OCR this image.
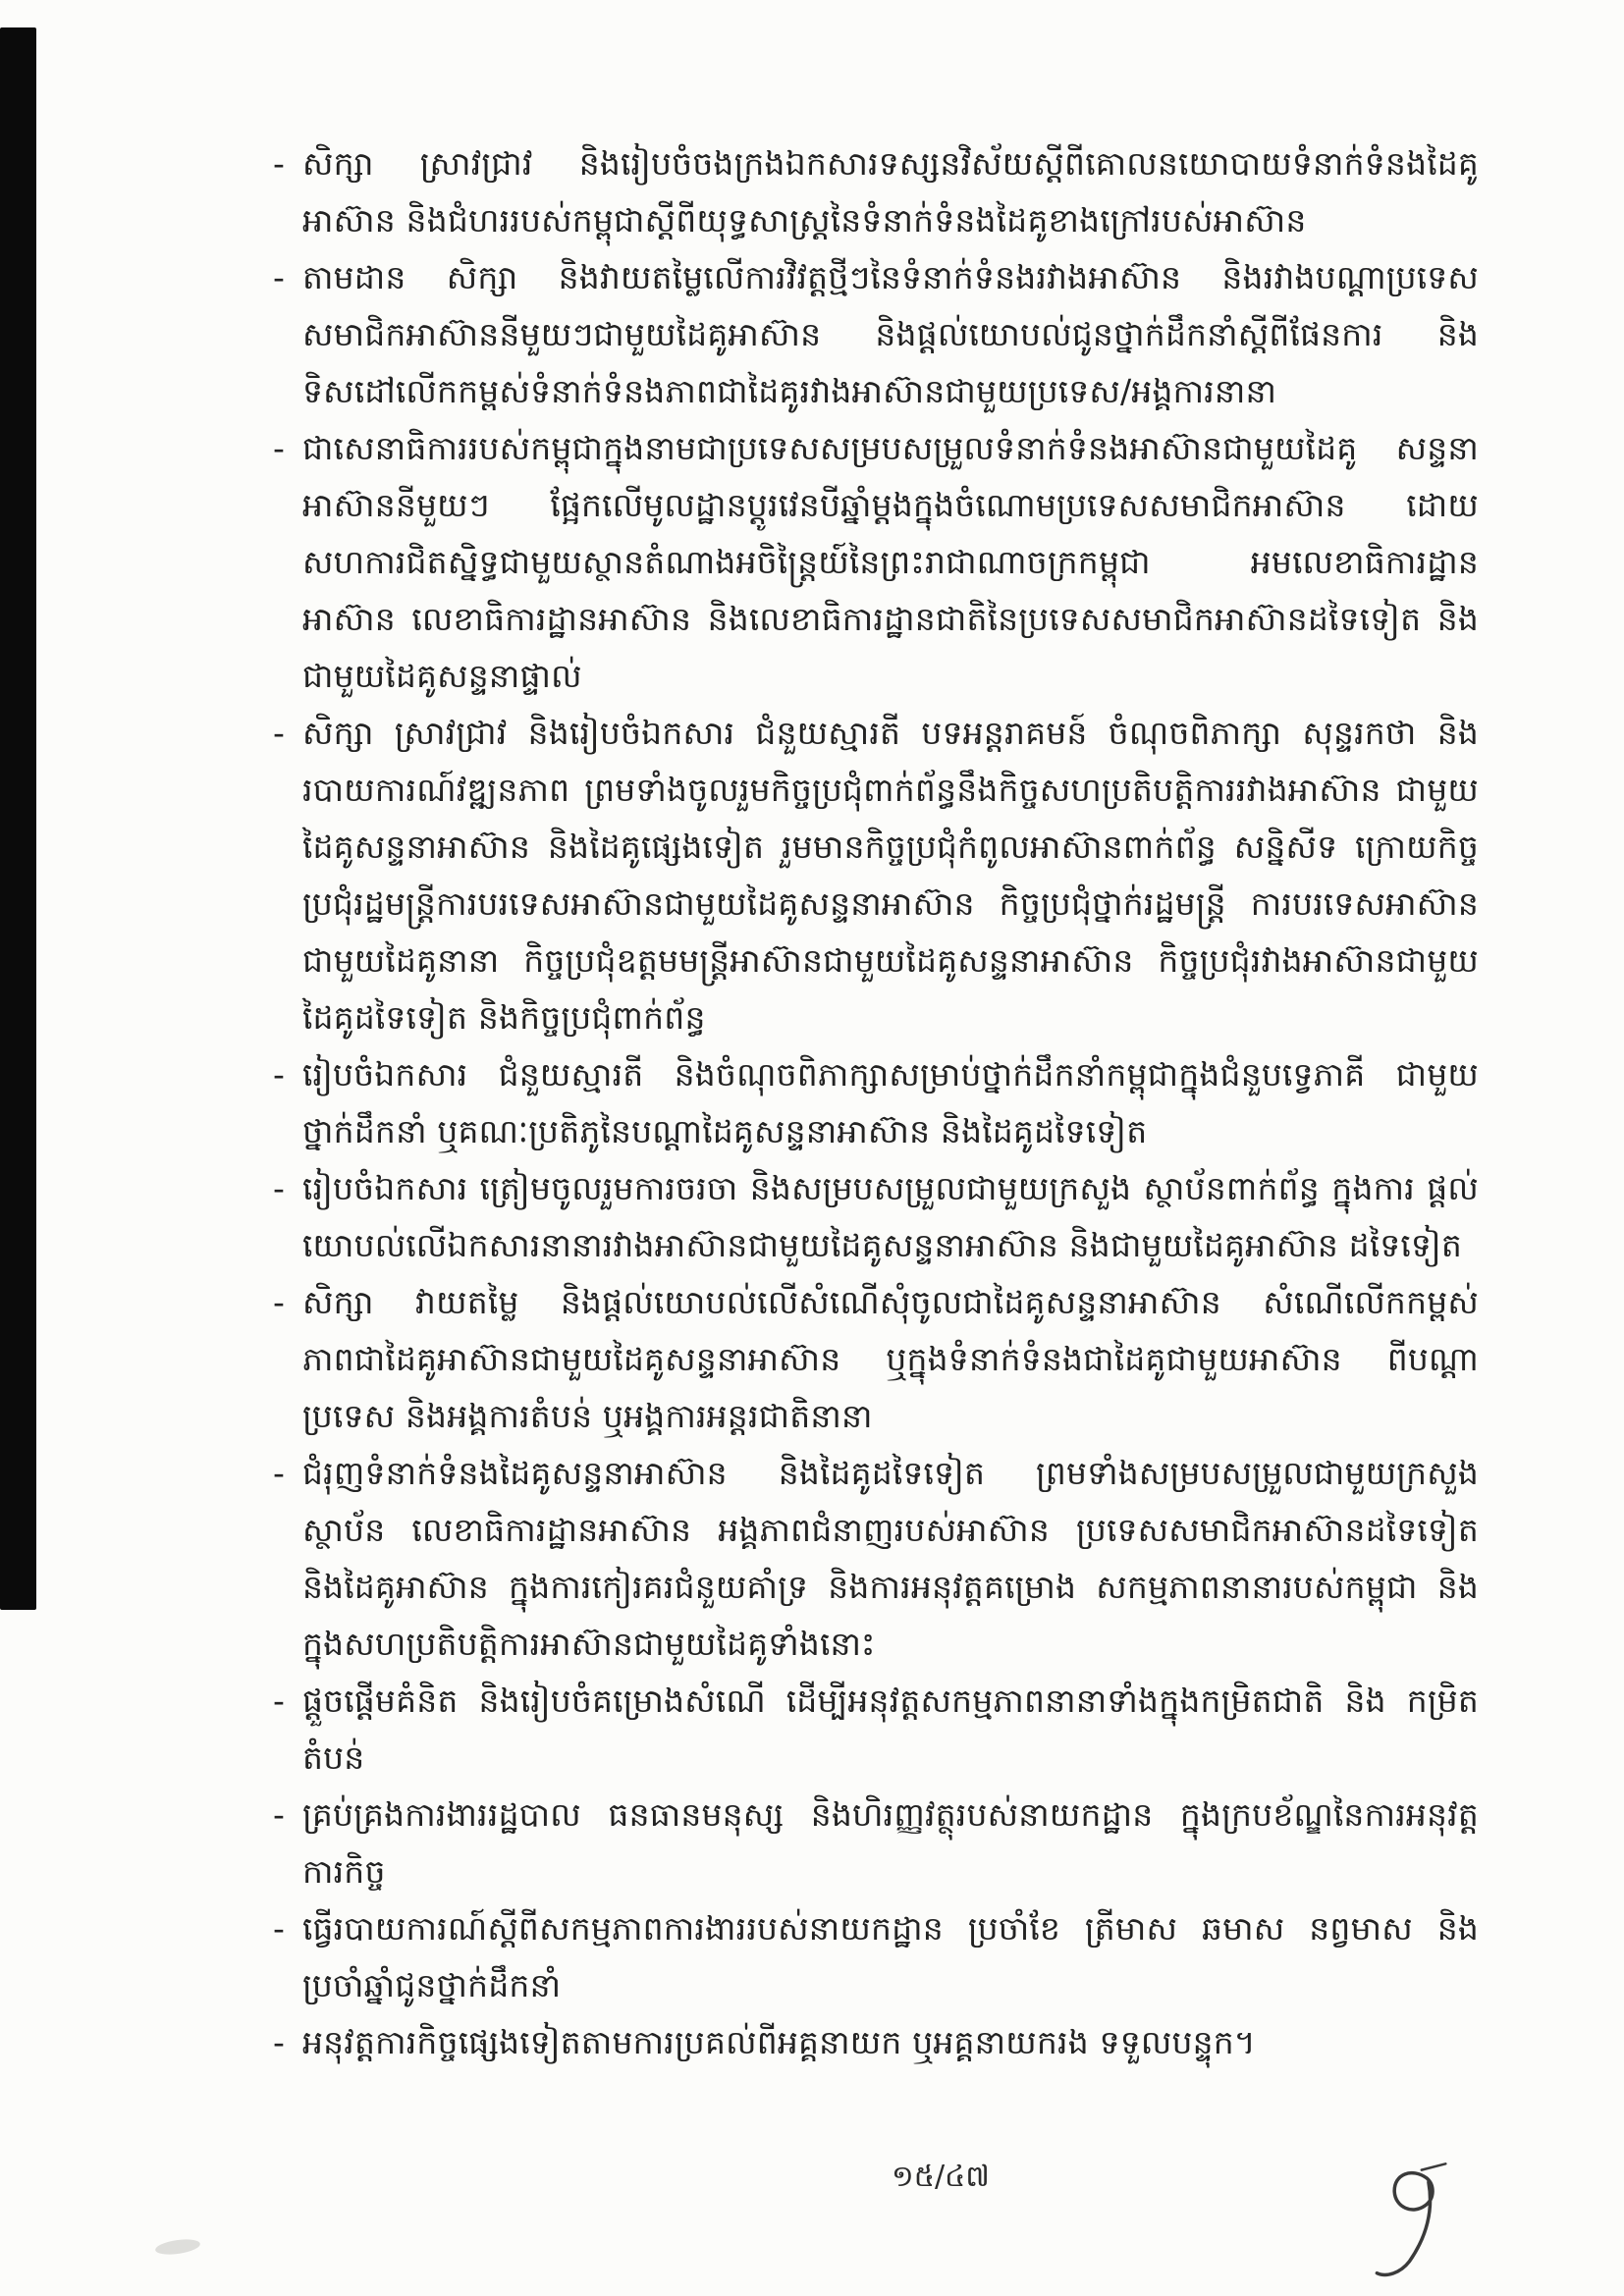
- សិក្សា ស្រាវជ្រាវ និងរៀបចំចងក្រងឯកសារទស្សនវិស័យស្តីពីគោលនយោបាយទំនាក់ទំនងដៃគូ អាស៊ាន និងជំហររបស់កម្ពុជាស្តីពីយុទ្ធសាស្ត្រនៃទំនាក់ទំនងដៃគូខាងក្រៅរបស់អាស៊ាន
- តាមដាន សិក្សា និងវាយតម្លៃលើការវិវត្តថ្មីៗនៃទំនាក់ទំនងរវាងអាស៊ាន និងរវាងបណ្តាប្រទេស សមាជិកអាស៊ាននីមួយៗជាមួយដៃគូអាស៊ាន និងផ្តល់យោបល់ជូនថ្នាក់ដឹកនាំស្តីពីផែនការ និង ទិសដៅលើកកម្ពស់ទំនាក់ទំនងភាពជាដៃគូរវាងអាស៊ានជាមួយប្រទេស/អង្គការនានា
- ជាសេនាធិការរបស់កម្ពុជាក្នុងនាមជាប្រទេសសម្របសម្រួលទំនាក់ទំនងអាស៊ានជាមួយដៃគូ សន្ទនាអាស៊ាននីមួយៗ ផ្អែកលើមូលដ្ឋានប្តូរវេនបីឆ្នាំម្តងក្នុងចំណោមប្រទេសសមាជិកអាស៊ាន ដោយសហការជិតស្និទ្ធជាមួយស្ថានតំណាងអចិន្ត្រៃយ៍នៃព្រះរាជាណាចក្រកម្ពុជា អមលេខាធិការដ្ឋាន អាស៊ាន លេខាធិការដ្ឋានអាស៊ាន និងលេខាធិការដ្ឋានជាតិនៃប្រទេសសមាជិកអាស៊ានដទៃទៀត និងជាមួយដៃគូសន្ទនាផ្ទាល់
- សិក្សា ស្រាវជ្រាវ និងរៀបចំឯកសារ ជំនួយស្មារតី បទអន្តរាគមន៍ ចំណុចពិភាក្សា សុន្ទរកថា និង របាយការណ៍វឌ្ឍនភាព ព្រមទាំងចូលរួមកិច្ចប្រជុំពាក់ព័ន្ធនឹងកិច្ចសហប្រតិបត្តិការរវាងអាស៊ាន ជាមួយដៃគូសន្ទនាអាស៊ាន និងដៃគូផ្សេងទៀត រួមមានកិច្ចប្រជុំកំពូលអាស៊ានពាក់ព័ន្ធ សន្និសីទ ក្រោយកិច្ចប្រជុំរដ្ឋមន្ត្រីការបរទេសអាស៊ានជាមួយដៃគូសន្ទនាអាស៊ាន កិច្ចប្រជុំថ្នាក់រដ្ឋមន្ត្រី ការបរទេសអាស៊ានជាមួយដៃគូនានា កិច្ចប្រជុំឧត្តមមន្ត្រីអាស៊ានជាមួយដៃគូសន្ទនាអាស៊ាន កិច្ចប្រជុំរវាងអាស៊ានជាមួយដៃគូដទៃទៀត និងកិច្ចប្រជុំពាក់ព័ន្ធ
- រៀបចំឯកសារ ជំនួយស្មារតី និងចំណុចពិភាក្សាសម្រាប់ថ្នាក់ដឹកនាំកម្ពុជាក្នុងជំនួបទ្វេភាគី ជាមួយ ថ្នាក់ដឹកនាំ ឬគណៈប្រតិភូនៃបណ្តាដៃគូសន្ទនាអាស៊ាន និងដៃគូដទៃទៀត
- រៀបចំឯកសារ ត្រៀមចូលរួមការចរចា និងសម្របសម្រួលជាមួយក្រសួង ស្ថាប័នពាក់ព័ន្ធ ក្នុងការ ផ្តល់យោបល់លើឯកសារនានារវាងអាស៊ានជាមួយដៃគូសន្ទនាអាស៊ាន និងជាមួយដៃគូអាស៊ាន ដទៃទៀត
- សិក្សា វាយតម្លៃ និងផ្តល់យោបល់លើសំណើសុំចូលជាដៃគូសន្ទនាអាស៊ាន សំណើលើកកម្ពស់ ភាពជាដៃគូអាស៊ានជាមួយដៃគូសន្ទនាអាស៊ាន ឬក្នុងទំនាក់ទំនងជាដៃគូជាមួយអាស៊ាន ពីបណ្តា ប្រទេស និងអង្គការតំបន់ ឬអង្គការអន្តរជាតិនានា
- ជំរុញទំនាក់ទំនងដៃគូសន្ទនាអាស៊ាន និងដៃគូដទៃទៀត ព្រមទាំងសម្របសម្រួលជាមួយក្រសួង ស្ថាប័ន លេខាធិការដ្ឋានអាស៊ាន អង្គភាពជំនាញរបស់អាស៊ាន ប្រទេសសមាជិកអាស៊ានដទៃទៀត និងដៃគូអាស៊ាន ក្នុងការកៀរគរជំនួយគាំទ្រ និងការអនុវត្តគម្រោង សកម្មភាពនានារបស់កម្ពុជា និងក្នុងសហប្រតិបត្តិការអាស៊ានជាមួយដៃគូទាំងនោះ
- ផ្តួចផ្តើមគំនិត និងរៀបចំគម្រោងសំណើ ដើម្បីអនុវត្តសកម្មភាពនានាទាំងក្នុងកម្រិតជាតិ និង កម្រិតតំបន់
- គ្រប់គ្រងការងាររដ្ឋបាល ធនធានមនុស្ស និងហិរញ្ញវត្ថុរបស់នាយកដ្ឋាន ក្នុងក្របខ័ណ្ឌនៃការអនុវត្ត ការកិច្ច
- ធ្វើរបាយការណ៍ស្តីពីសកម្មភាពការងាររបស់នាយកដ្ឋាន ប្រចាំខែ ត្រីមាស ឆមាស នព្វមាស និង ប្រចាំឆ្នាំជូនថ្នាក់ដឹកនាំ
- អនុវត្តការកិច្ចផ្សេងទៀតតាមការប្រគល់ពីអគ្គនាយក ឬអគ្គនាយករង ទទួលបន្ទុក។
១៥/៤៧
